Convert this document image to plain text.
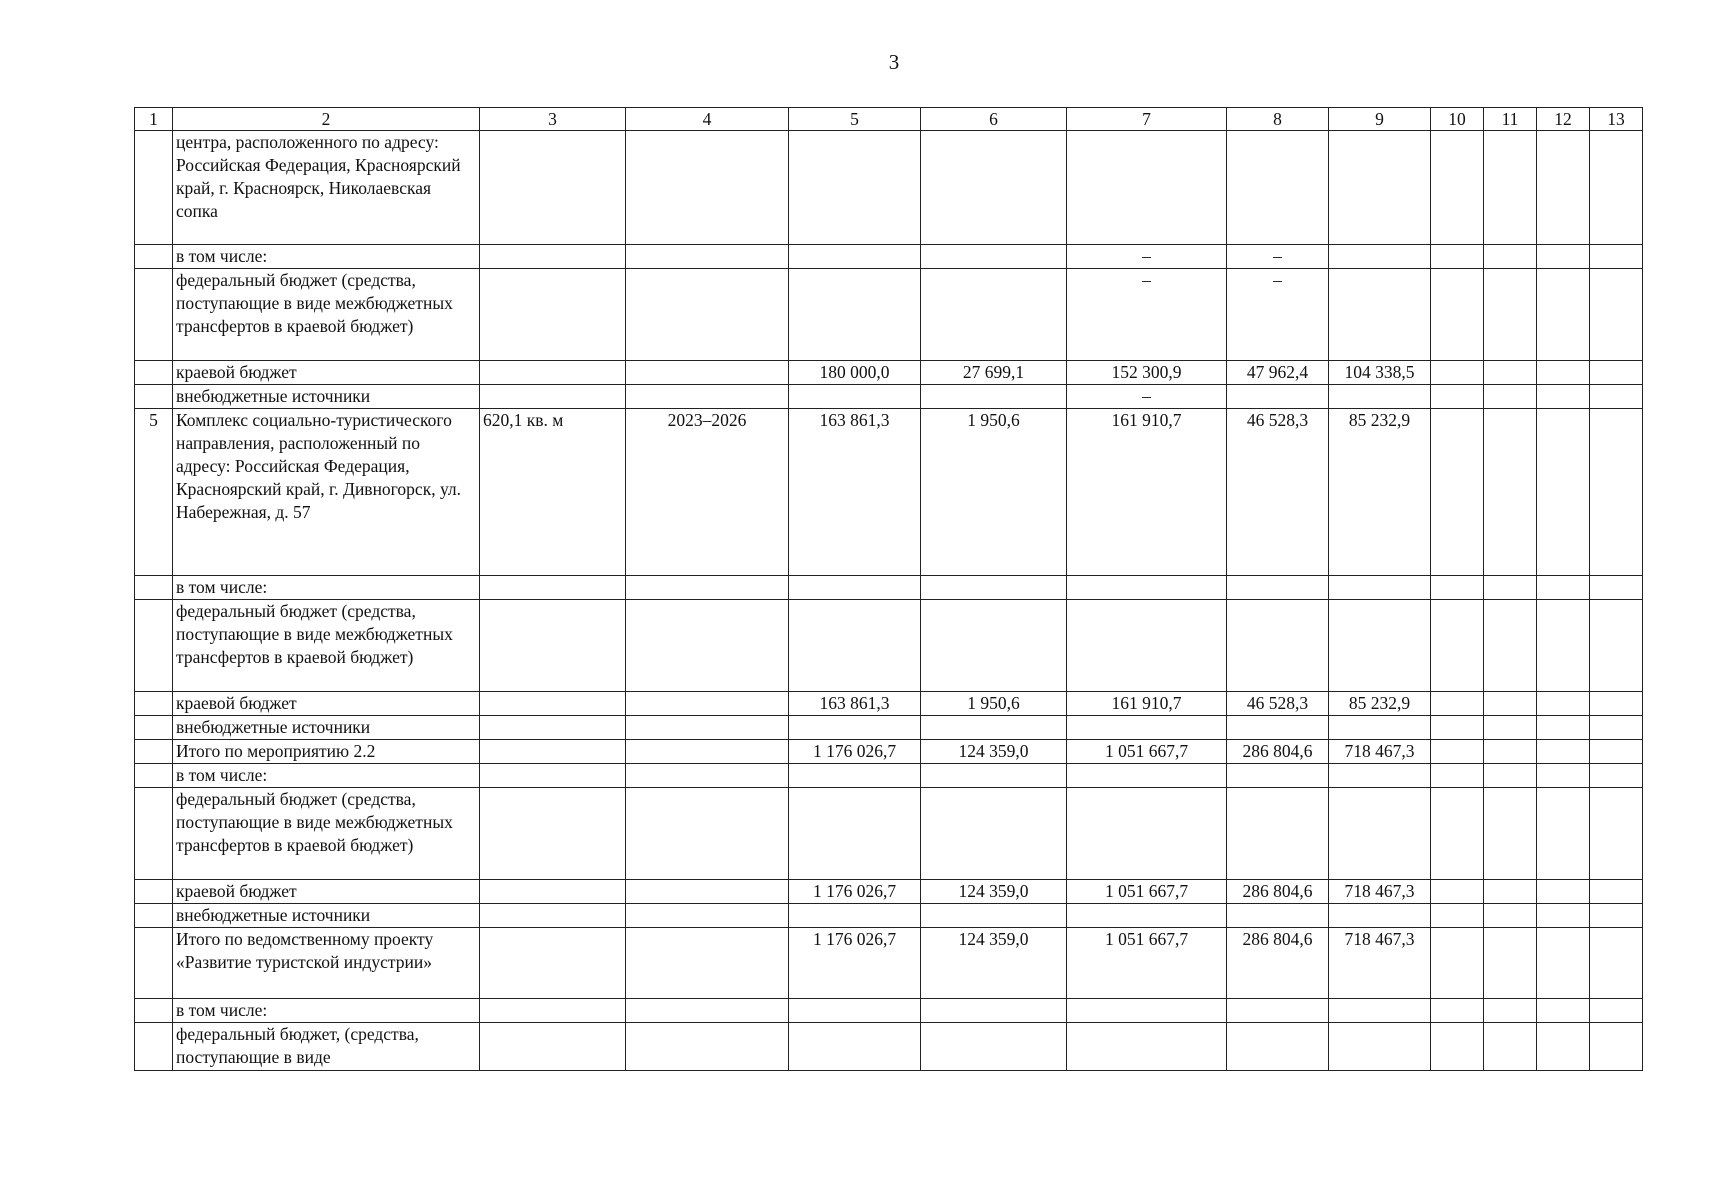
3
1	2	3	4	5	6	7	8	9	10	11	12	13
	центра, расположенного по адресу: Российская Федерация, Красноярский край, г. Красноярск, Николаевская сопка											
	в том числе:					–	–					
	федеральный бюджет (средства, поступающие в виде межбюджетных трансфертов в краевой бюджет)					–	–					
	краевой бюджет			180 000,0	27 699,1	152 300,9	47 962,4	104 338,5				
	внебюджетные источники					–						
5	Комплекс социально-туристического направления, расположенный по адресу: Российская Федерация, Красноярский край, г. Дивногорск, ул. Набережная, д. 57	620,1 кв. м	2023–2026	163 861,3	1 950,6	161 910,7	46 528,3	85 232,9				
	в том числе:											
	федеральный бюджет (средства, поступающие в виде межбюджетных трансфертов в краевой бюджет)											
	краевой бюджет			163 861,3	1 950,6	161 910,7	46 528,3	85 232,9				
	внебюджетные источники											
	Итого по мероприятию 2.2			1 176 026,7	124 359,0	1 051 667,7	286 804,6	718 467,3				
	в том числе:											
	федеральный бюджет (средства, поступающие в виде межбюджетных трансфертов в краевой бюджет)											
	краевой бюджет			1 176 026,7	124 359,0	1 051 667,7	286 804,6	718 467,3				
	внебюджетные источники											
	Итого по ведомственному проекту «Развитие туристской индустрии»			1 176 026,7	124 359,0	1 051 667,7	286 804,6	718 467,3				
	в том числе:											
	федеральный бюджет, (средства, поступающие в виде											
